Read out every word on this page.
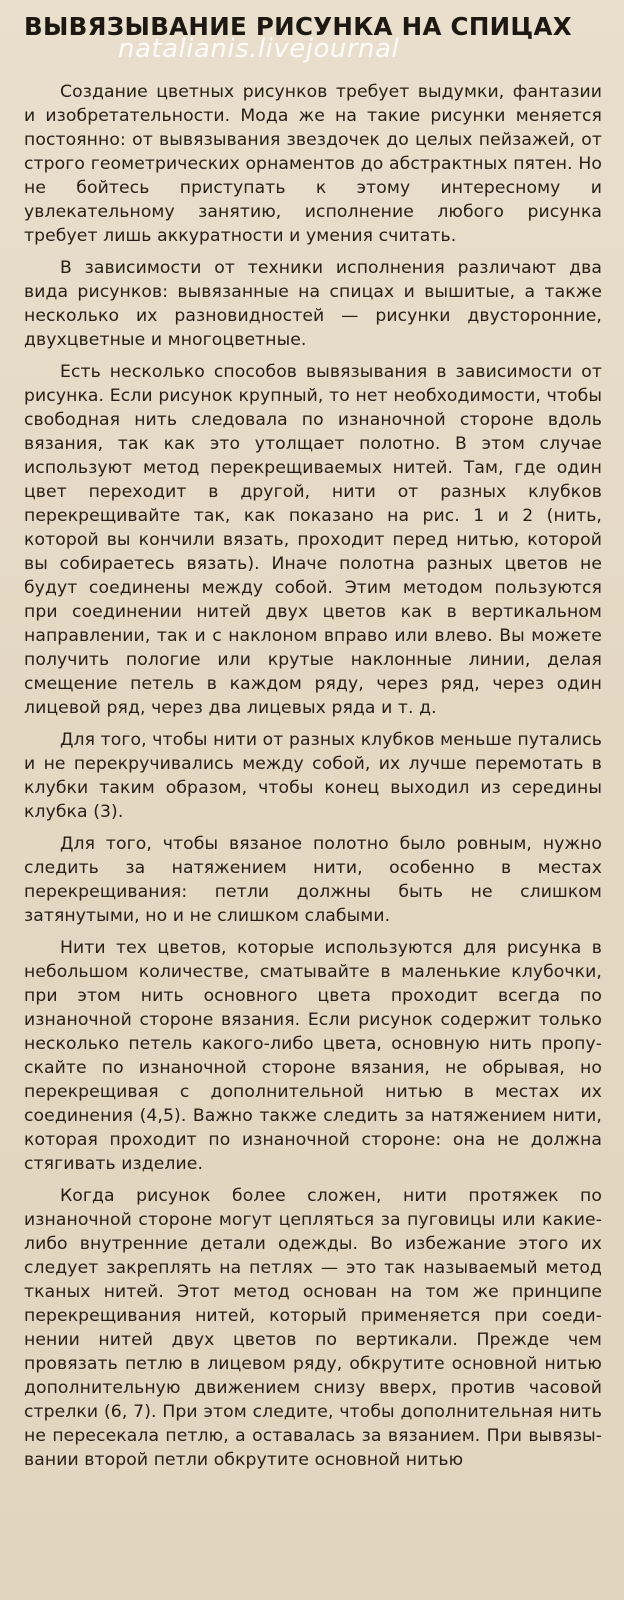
ВЫВЯЗЫВАНИЕ РИСУНКА НА СПИЦАХ
natalianis.livejournal

Создание цветных рисунков требует выдумки, фантазии и изобретательности. Мода же на такие рисунки меняется постоянно: от вывязывания звездочек до целых пейзажей, от строго геометрических орнаментов до абстрактных пятен. Но не бойтесь приступать к этому интересному и увлекательному занятию, исполнение любого рисунка требует лишь аккуратности и умения считать.

В зависимости от техники исполнения различают два вида рисунков: вывязанные на спицах и вышитые, а также несколько их разновидностей — рисунки двусторонние, двухцветные и многоцветные.

Есть несколько способов вывязывания в зависимости от рисунка. Если рисунок крупный, то нет необходимости, чтобы свободная нить следовала по изнаночной стороне вдоль вязания, так как это утолщает полотно. В этом случае используют метод перекрещиваемых нитей. Там, где один цвет переходит в другой, нити от разных клубков перекрещивайте так, как показано на рис. 1 и 2 (нить, которой вы кончили вязать, проходит перед нитью, которой вы собираетесь вязать). Иначе полотна разных цветов не будут соединены между собой. Этим методом пользуются при соединении нитей двух цветов как в вертикальном направлении, так и с наклоном вправо или влево. Вы можете получить пологие или крутые наклонные линии, делая смещение петель в каждом ряду, через ряд, через один лицевой ряд, через два лицевых ряда и т. д.

Для того, чтобы нити от разных клубков меньше путались и не перекручивались между собой, их лучше перемотать в клубки таким образом, чтобы конец выходил из середины клубка (3).

Для того, чтобы вязаное полотно было ровным, нужно следить за натяжением нити, особенно в местах перекрещивания: петли должны быть не слишком затянутыми, но и не слишком слабыми.

Нити тех цветов, которые используются для рисунка в небольшом количестве, сматывайте в маленькие клубочки, при этом нить основного цвета проходит всегда по изнаночной стороне вязания. Если рисунок содержит только несколько петель какого-либо цвета, основную нить пропускайте по изнаночной стороне вязания, не обрывая, но перекрещивая с дополнительной нитью в местах их соединения (4,5). Важно также следить за натяжением нити, которая проходит по изнаночной стороне: она не должна стягивать изделие.

Когда рисунок более сложен, нити протяжек по изнаночной стороне могут цепляться за пуговицы или какие-либо внутренние детали одежды. Во избежание этого их следует закреплять на петлях — это так называемый метод тканых нитей. Этот метод основан на том же принципе перекрещивания нитей, который применяется при соединении нитей двух цветов по вертикали. Прежде чем провязать петлю в лицевом ряду, обкрутите основной нитью дополнительную движением снизу вверх, против часовой стрелки (6, 7). При этом следите, чтобы дополнительная нить не пересекала петлю, а оставалась за вязанием. При вывязывании второй петли обкрутите основной нитью
